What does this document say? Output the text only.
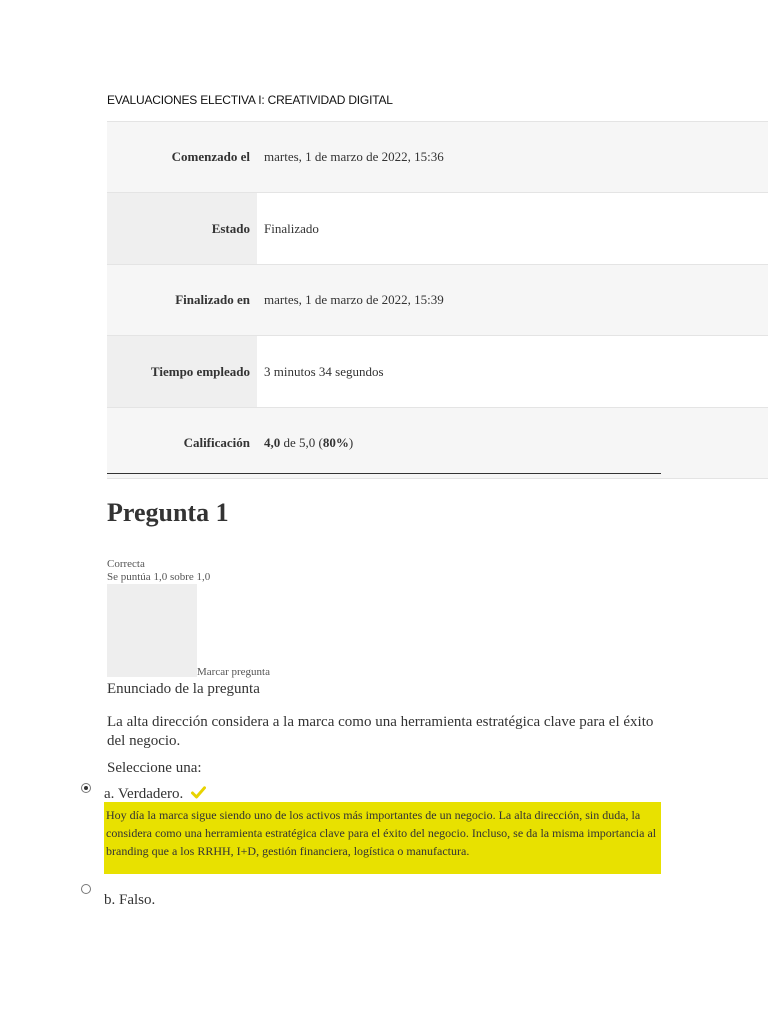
EVALUACIONES ELECTIVA I: CREATIVIDAD DIGITAL
Comenzado el	martes, 1 de marzo de 2022, 15:36
Estado	Finalizado
Finalizado en	martes, 1 de marzo de 2022, 15:39
Tiempo empleado	3 minutos 34 segundos
Calificación	4,0 de 5,0 ( 80% )
Pregunta 1
Correcta
Se puntúa 1,0 sobre 1,0
Marcar pregunta
Enunciado de la pregunta
La alta dirección considera a la marca como una herramienta estratégica clave para el éxito del negocio.
Seleccione una:
a. Verdadero.
Hoy día la marca sigue siendo uno de los activos más importantes de un negocio. La alta dirección, sin duda, la considera como una herramienta estratégica clave para el éxito del negocio. Incluso, se da la misma importancia al branding que a los RRHH, I+D, gestión financiera, logística o manufactura.
b. Falso.
